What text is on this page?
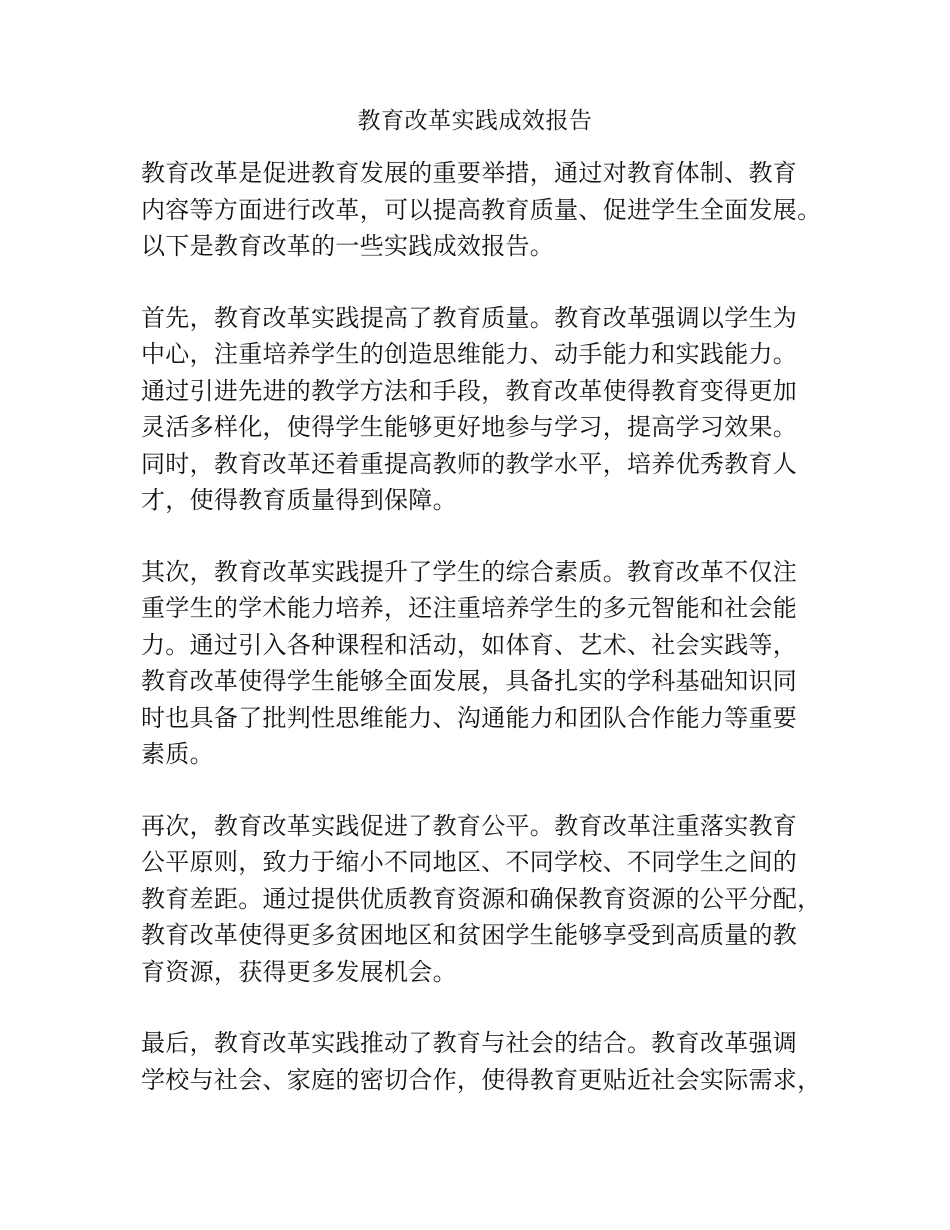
教育改革实践成效报告
教育改革是促进教育发展的重要举措，通过对教育体制、教育
内容等方面进行改革，可以提高教育质量、促进学生全面发展。
以下是教育改革的一些实践成效报告。
首先，教育改革实践提高了教育质量。教育改革强调以学生为
中心，注重培养学生的创造思维能力、动手能力和实践能力。
通过引进先进的教学方法和手段，教育改革使得教育变得更加
灵活多样化，使得学生能够更好地参与学习，提高学习效果。
同时，教育改革还着重提高教师的教学水平，培养优秀教育人
才，使得教育质量得到保障。
其次，教育改革实践提升了学生的综合素质。教育改革不仅注
重学生的学术能力培养，还注重培养学生的多元智能和社会能
力。通过引入各种课程和活动，如体育、艺术、社会实践等，
教育改革使得学生能够全面发展，具备扎实的学科基础知识同
时也具备了批判性思维能力、沟通能力和团队合作能力等重要
素质。
再次，教育改革实践促进了教育公平。教育改革注重落实教育
公平原则，致力于缩小不同地区、不同学校、不同学生之间的
教育差距。通过提供优质教育资源和确保教育资源的公平分配，
教育改革使得更多贫困地区和贫困学生能够享受到高质量的教
育资源，获得更多发展机会。
最后，教育改革实践推动了教育与社会的结合。教育改革强调
学校与社会、家庭的密切合作，使得教育更贴近社会实际需求，
